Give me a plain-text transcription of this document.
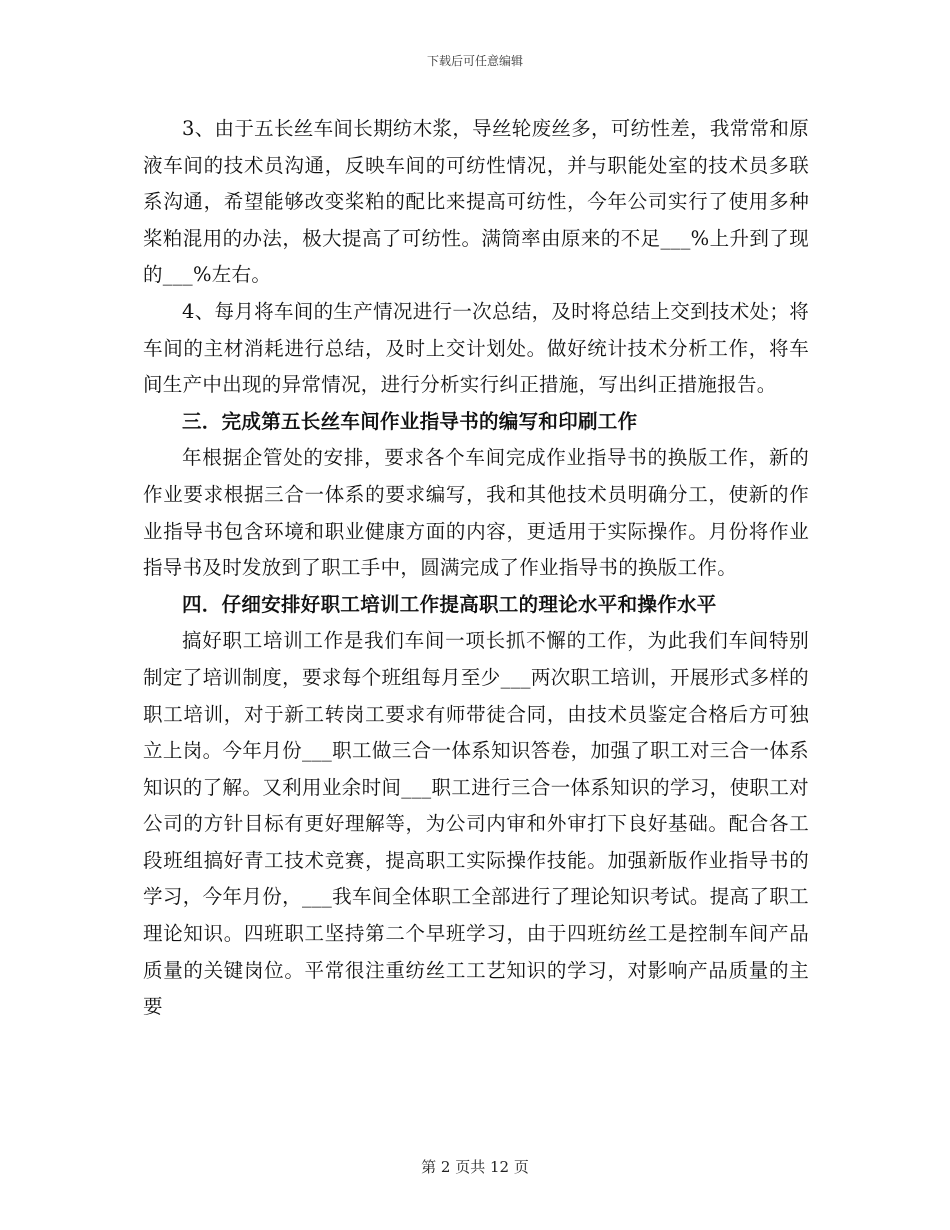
下载后可任意编辑

3、由于五长丝车间长期纺木浆，导丝轮废丝多，可纺性差，我常常和原液车间的技术员沟通，反映车间的可纺性情况，并与职能处室的技术员多联系沟通，希望能够改变桨粕的配比来提高可纺性，今年公司实行了使用多种桨粕混用的办法，极大提高了可纺性。满筒率由原来的不足___%上升到了现的___%左右。

4、每月将车间的生产情况进行一次总结，及时将总结上交到技术处；将车间的主材消耗进行总结，及时上交计划处。做好统计技术分析工作，将车间生产中出现的异常情况，进行分析实行纠正措施，写出纠正措施报告。

三．完成第五长丝车间作业指导书的编写和印刷工作

年根据企管处的安排，要求各个车间完成作业指导书的换版工作，新的作业要求根据三合一体系的要求编写，我和其他技术员明确分工，使新的作业指导书包含环境和职业健康方面的内容，更适用于实际操作。月份将作业指导书及时发放到了职工手中，圆满完成了作业指导书的换版工作。

四．仔细安排好职工培训工作提高职工的理论水平和操作水平

搞好职工培训工作是我们车间一项长抓不懈的工作，为此我们车间特别制定了培训制度，要求每个班组每月至少___两次职工培训，开展形式多样的职工培训，对于新工转岗工要求有师带徒合同，由技术员鉴定合格后方可独立上岗。今年月份___职工做三合一体系知识答卷，加强了职工对三合一体系知识的了解。又利用业余时间___职工进行三合一体系知识的学习，使职工对公司的方针目标有更好理解等，为公司内审和外审打下良好基础。配合各工段班组搞好青工技术竞赛，提高职工实际操作技能。加强新版作业指导书的学习，今年月份，___我车间全体职工全部进行了理论知识考试。提高了职工理论知识。四班职工坚持第二个早班学习，由于四班纺丝工是控制车间产品质量的关键岗位。平常很注重纺丝工工艺知识的学习，对影响产品质量的主要

第 2 页共 12 页
